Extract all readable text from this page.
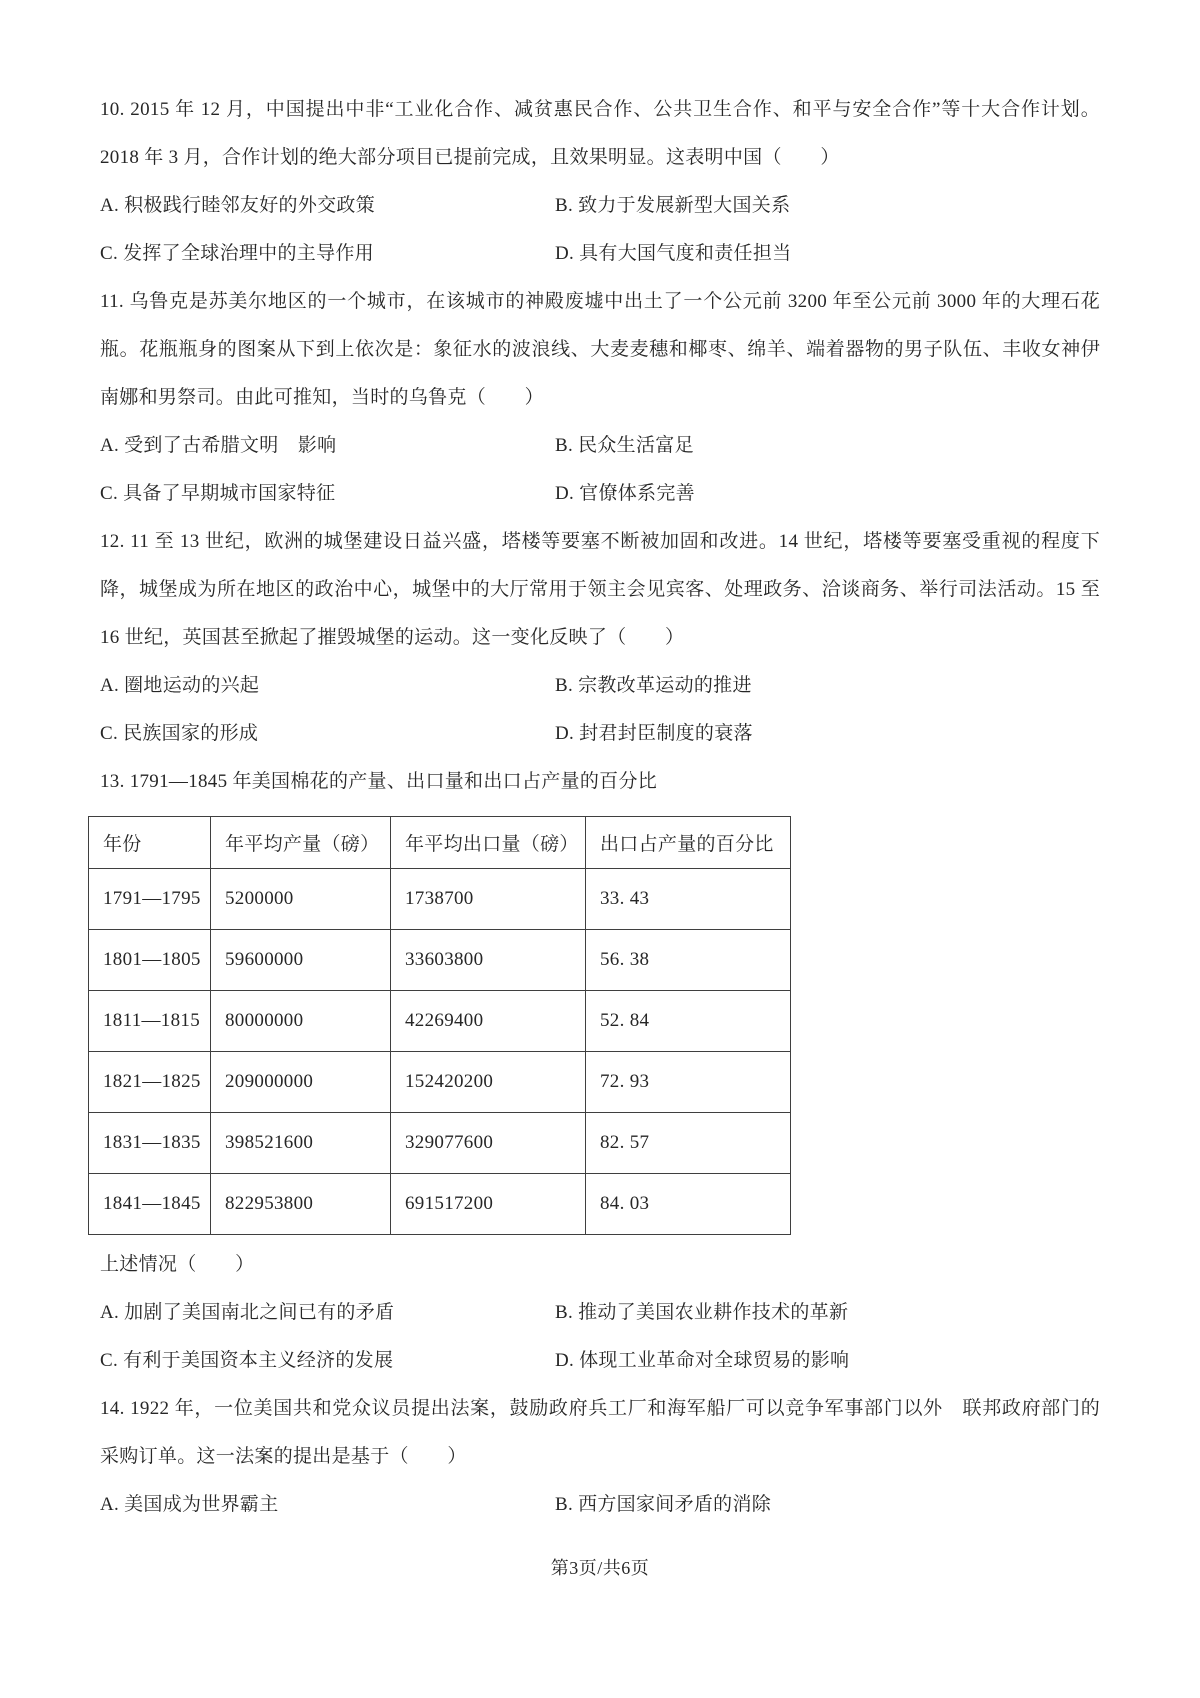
10. 2015 年 12 月，中国提出中非“工业化合作、减贫惠民合作、公共卫生合作、和平与安全合作”等十大合作计划。2018 年 3 月，合作计划的绝大部分项目已提前完成，且效果明显。这表明中国（　　）

A. 积极践行睦邻友好的外交政策	B. 致力于发展新型大国关系

C. 发挥了全球治理中的主导作用	D. 具有大国气度和责任担当

11. 乌鲁克是苏美尔地区的一个城市，在该城市的神殿废墟中出土了一个公元前 3200 年至公元前 3000 年的大理石花瓶。花瓶瓶身的图案从下到上依次是：象征水的波浪线、大麦麦穗和椰枣、绵羊、端着器物的男子队伍、丰收女神伊南娜和男祭司。由此可推知，当时的乌鲁克（　　）

A. 受到了古希腊文明　影响	B. 民众生活富足

C. 具备了早期城市国家特征	D. 官僚体系完善

12. 11 至 13 世纪，欧洲的城堡建设日益兴盛，塔楼等要塞不断被加固和改进。14 世纪，塔楼等要塞受重视的程度下降，城堡成为所在地区的政治中心，城堡中的大厅常用于领主会见宾客、处理政务、洽谈商务、举行司法活动。15 至 16 世纪，英国甚至掀起了摧毁城堡的运动。这一变化反映了（　　）

A. 圈地运动的兴起	B. 宗教改革运动的推进

C. 民族国家的形成	D. 封君封臣制度的衰落

13. 1791—1845 年美国棉花的产量、出口量和出口占产量的百分比

年份	年平均产量（磅）	年平均出口量（磅）	出口占产量的百分比
1791—1795	5200000	1738700	33. 43
1801—1805	59600000	33603800	56. 38
1811—1815	80000000	42269400	52. 84
1821—1825	209000000	152420200	72. 93
1831—1835	398521600	329077600	82. 57
1841—1845	822953800	691517200	84. 03

上述情况（　　）

A. 加剧了美国南北之间已有的矛盾	B. 推动了美国农业耕作技术的革新

C. 有利于美国资本主义经济的发展	D. 体现工业革命对全球贸易的影响

14. 1922 年，一位美国共和党众议员提出法案，鼓励政府兵工厂和海军船厂可以竞争军事部门以外　联邦政府部门的采购订单。这一法案的提出是基于（　　）

A. 美国成为世界霸主	B. 西方国家间矛盾的消除

第3页/共6页
